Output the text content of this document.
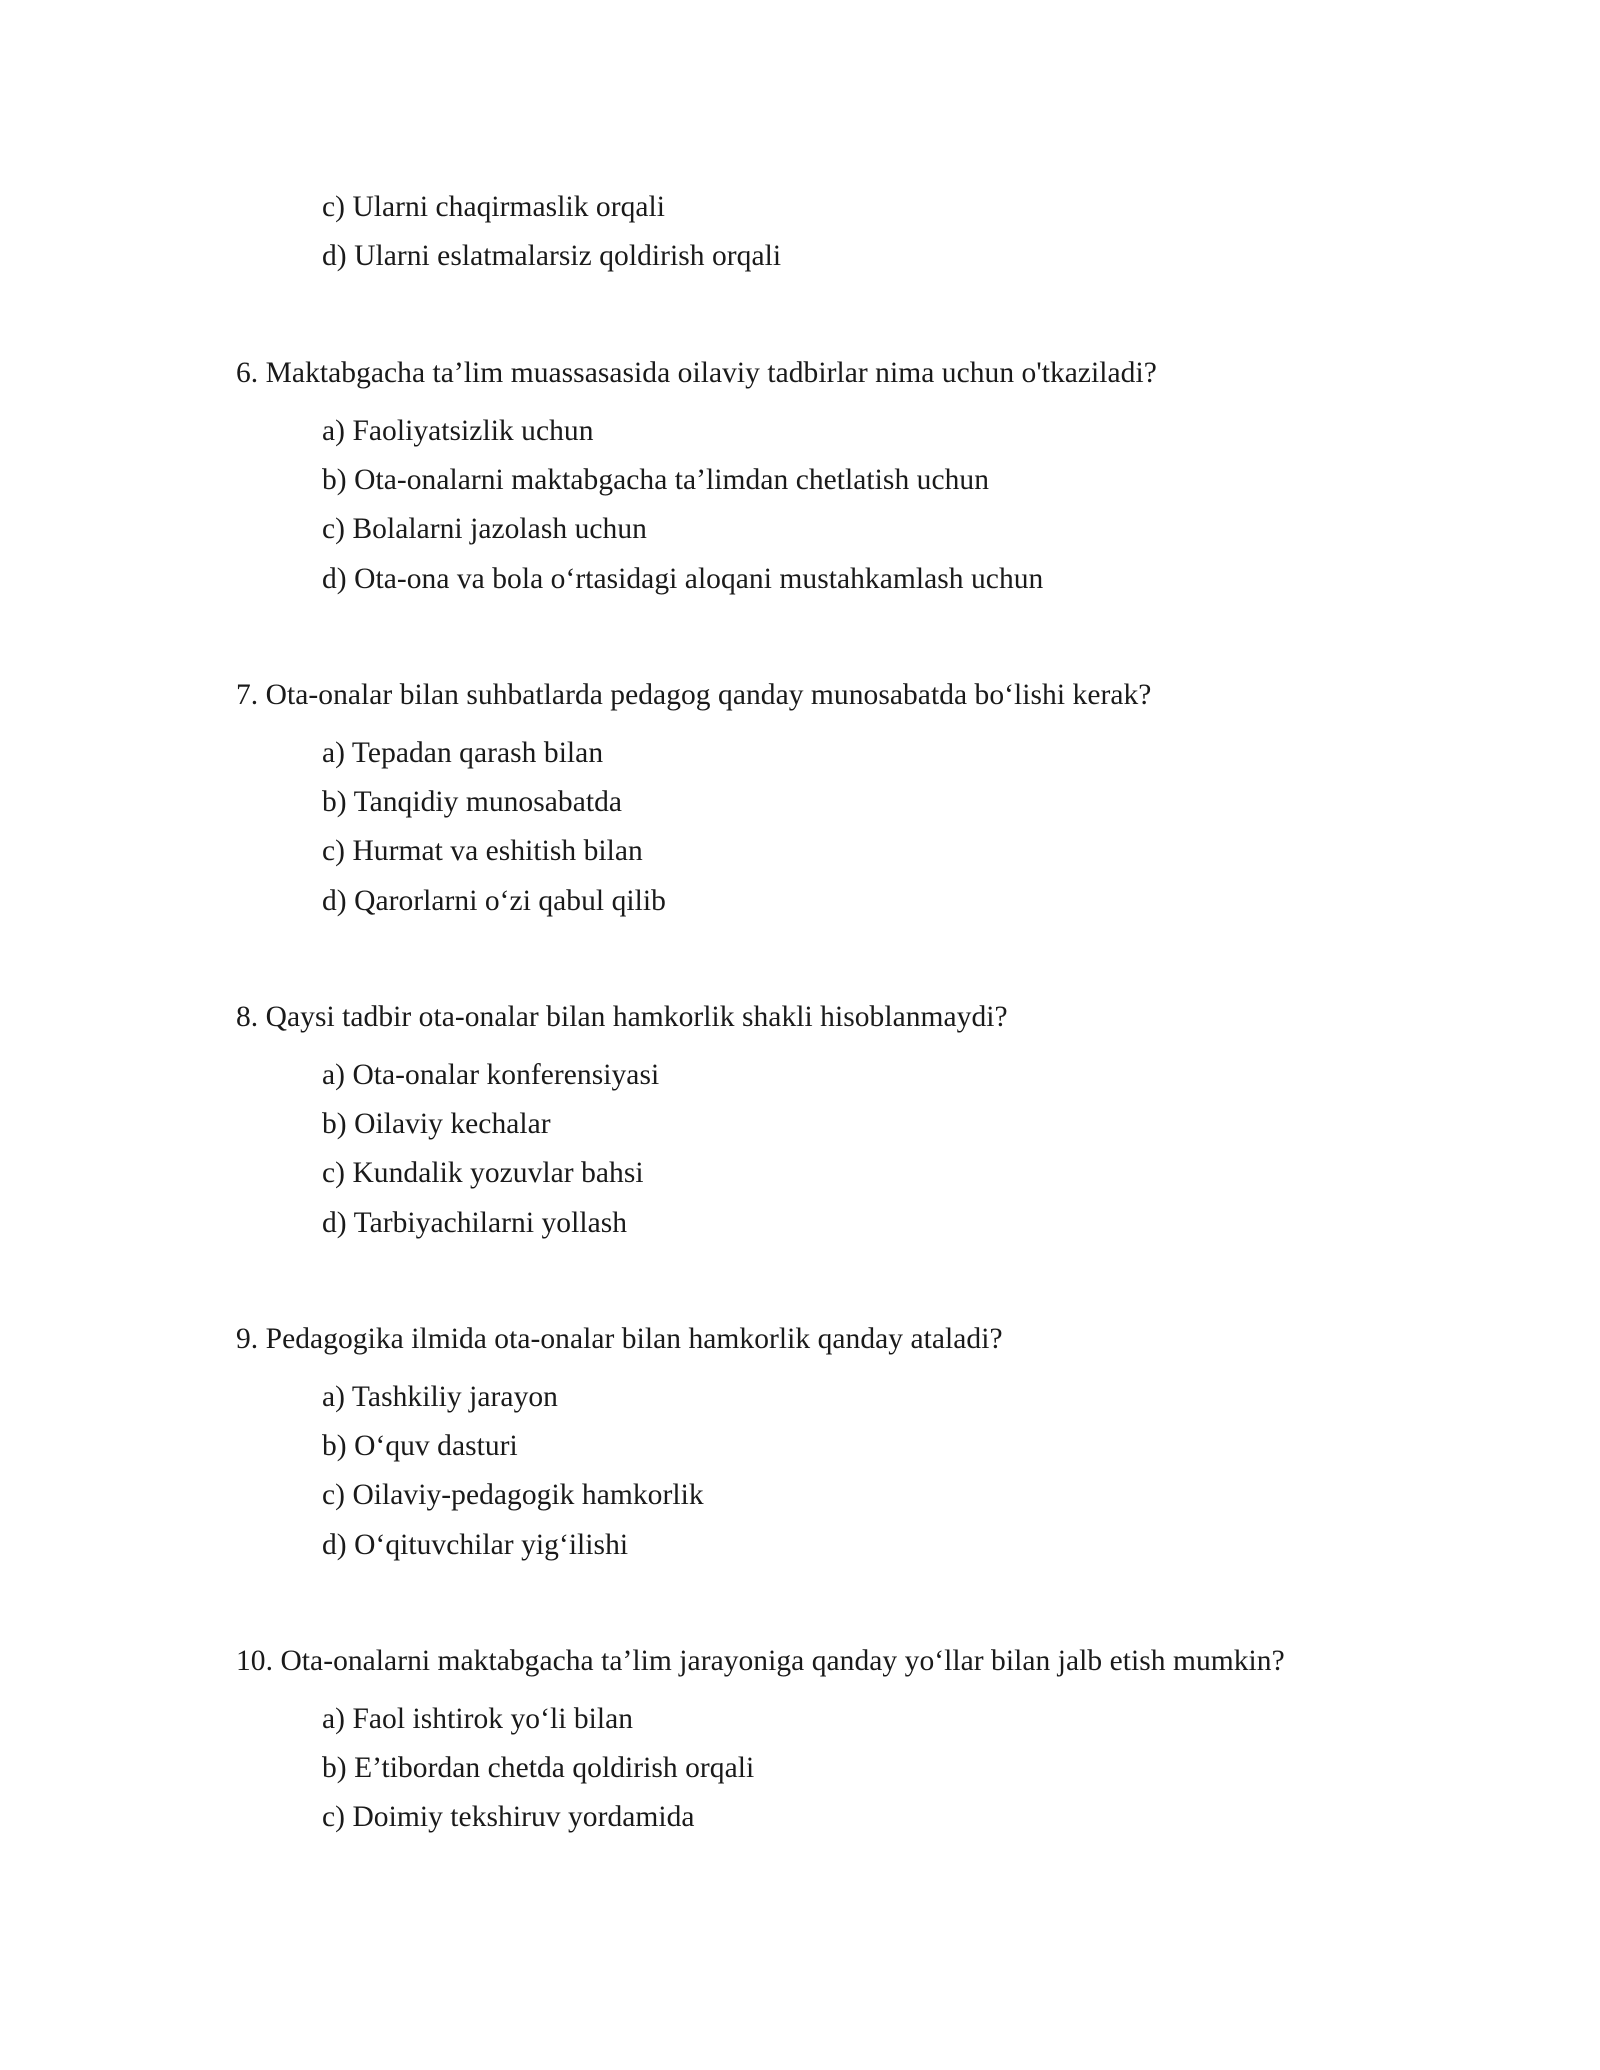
c) Ularni chaqirmaslik orqali
d) Ularni eslatmalarsiz qoldirish orqali
6. Maktabgacha ta’lim muassasasida oilaviy tadbirlar nima uchun o'tkaziladi?
a) Faoliyatsizlik uchun
b) Ota-onalarni maktabgacha ta’limdan chetlatish uchun
c) Bolalarni jazolash uchun
d) Ota-ona va bola o‘rtasidagi aloqani mustahkamlash uchun
7. Ota-onalar bilan suhbatlarda pedagog qanday munosabatda bo‘lishi kerak?
a) Tepadan qarash bilan
b) Tanqidiy munosabatda
c) Hurmat va eshitish bilan
d) Qarorlarni o‘zi qabul qilib
8. Qaysi tadbir ota-onalar bilan hamkorlik shakli hisoblanmaydi?
a) Ota-onalar konferensiyasi
b) Oilaviy kechalar
c) Kundalik yozuvlar bahsi
d) Tarbiyachilarni yollash
9. Pedagogika ilmida ota-onalar bilan hamkorlik qanday ataladi?
a) Tashkiliy jarayon
b) O‘quv dasturi
c) Oilaviy-pedagogik hamkorlik
d) O‘qituvchilar yig‘ilishi
10. Ota-onalarni maktabgacha ta’lim jarayoniga qanday yo‘llar bilan jalb etish mumkin?
a) Faol ishtirok yo‘li bilan
b) E’tibordan chetda qoldirish orqali
c) Doimiy tekshiruv yordamida
